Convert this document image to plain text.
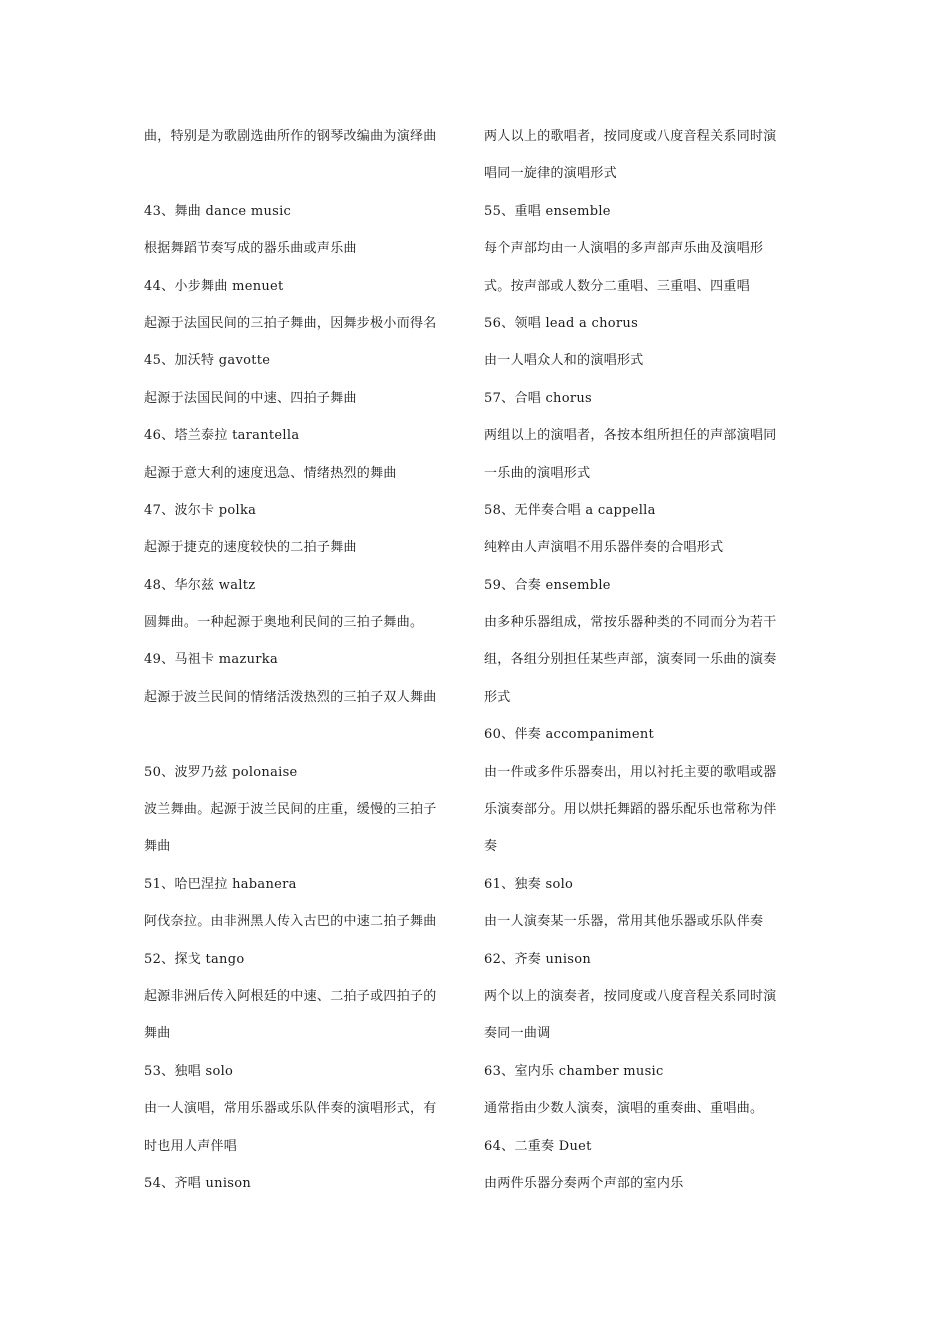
曲，特别是为歌剧选曲所作的钢琴改编曲为演绎曲
43、舞曲 dance music
根据舞蹈节奏写成的器乐曲或声乐曲
44、小步舞曲 menuet
起源于法国民间的三拍子舞曲，因舞步极小而得名
45、加沃特 gavotte
起源于法国民间的中速、四拍子舞曲
46、塔兰泰拉 tarantella
起源于意大利的速度迅急、情绪热烈的舞曲
47、波尔卡 polka
起源于捷克的速度较快的二拍子舞曲
48、华尔兹 waltz
圆舞曲。一种起源于奥地利民间的三拍子舞曲。
49、马祖卡 mazurka
起源于波兰民间的情绪活泼热烈的三拍子双人舞曲
50、波罗乃兹 polonaise
波兰舞曲。起源于波兰民间的庄重，缓慢的三拍子
舞曲
51、哈巴涅拉 habanera
阿伐奈拉。由非洲黑人传入古巴的中速二拍子舞曲
52、探戈 tango
起源非洲后传入阿根廷的中速、二拍子或四拍子的
舞曲
53、独唱 solo
由一人演唱，常用乐器或乐队伴奏的演唱形式，有
时也用人声伴唱
54、齐唱 unison
两人以上的歌唱者，按同度或八度音程关系同时演
唱同一旋律的演唱形式
55、重唱 ensemble
每个声部均由一人演唱的多声部声乐曲及演唱形
式。按声部或人数分二重唱、三重唱、四重唱
56、领唱 lead a chorus
由一人唱众人和的演唱形式
57、合唱 chorus
两组以上的演唱者，各按本组所担任的声部演唱同
一乐曲的演唱形式
58、无伴奏合唱 a cappella
纯粹由人声演唱不用乐器伴奏的合唱形式
59、合奏 ensemble
由多种乐器组成，常按乐器种类的不同而分为若干
组，各组分别担任某些声部，演奏同一乐曲的演奏
形式
60、伴奏 accompaniment
由一件或多件乐器奏出，用以衬托主要的歌唱或器
乐演奏部分。用以烘托舞蹈的器乐配乐也常称为伴
奏
61、独奏 solo
由一人演奏某一乐器，常用其他乐器或乐队伴奏
62、齐奏 unison
两个以上的演奏者，按同度或八度音程关系同时演
奏同一曲调
63、室内乐 chamber music
通常指由少数人演奏，演唱的重奏曲、重唱曲。
64、二重奏 Duet
由两件乐器分奏两个声部的室内乐
